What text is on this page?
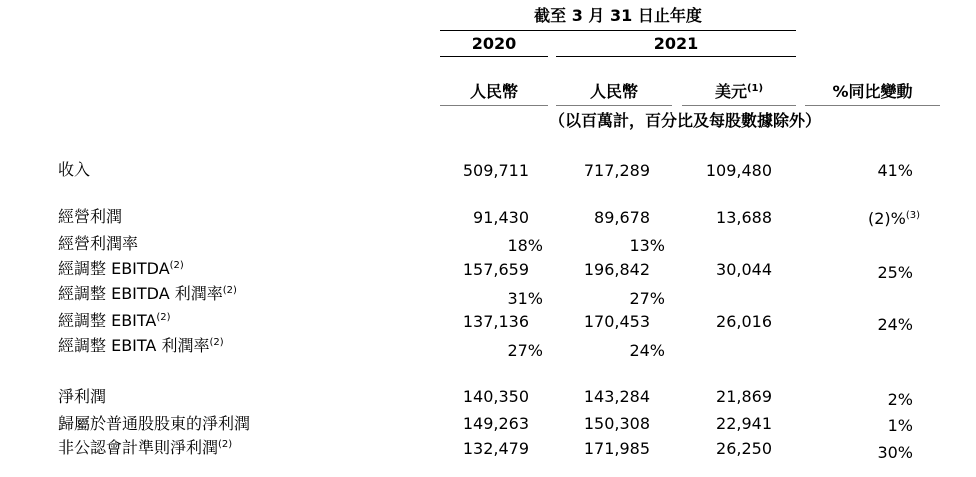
截至 3 月 31 日止年度
2020	2021
人民幣	人民幣	美元$^{(1)}$	%同比變動
（以百萬計，百分比及每股數據除外）
收入	509,711	717,289	109,480	41%
經營利潤	91,430	89,678	13,688	(2)%$^{(3)}$
經營利潤率	18%	13%
經調整 EBITDA$^{(2)}$	157,659	196,842	30,044	25%
經調整 EBITDA 利潤率$^{(2)}$	31%	27%
經調整 EBITA$^{(2)}$	137,136	170,453	26,016	24%
經調整 EBITA 利潤率$^{(2)}$	27%	24%
淨利潤	140,350	143,284	21,869	2%
歸屬於普通股股東的淨利潤	149,263	150,308	22,941	1%
非公認會計準則淨利潤$^{(2)}$	132,479	171,985	26,250	30%
